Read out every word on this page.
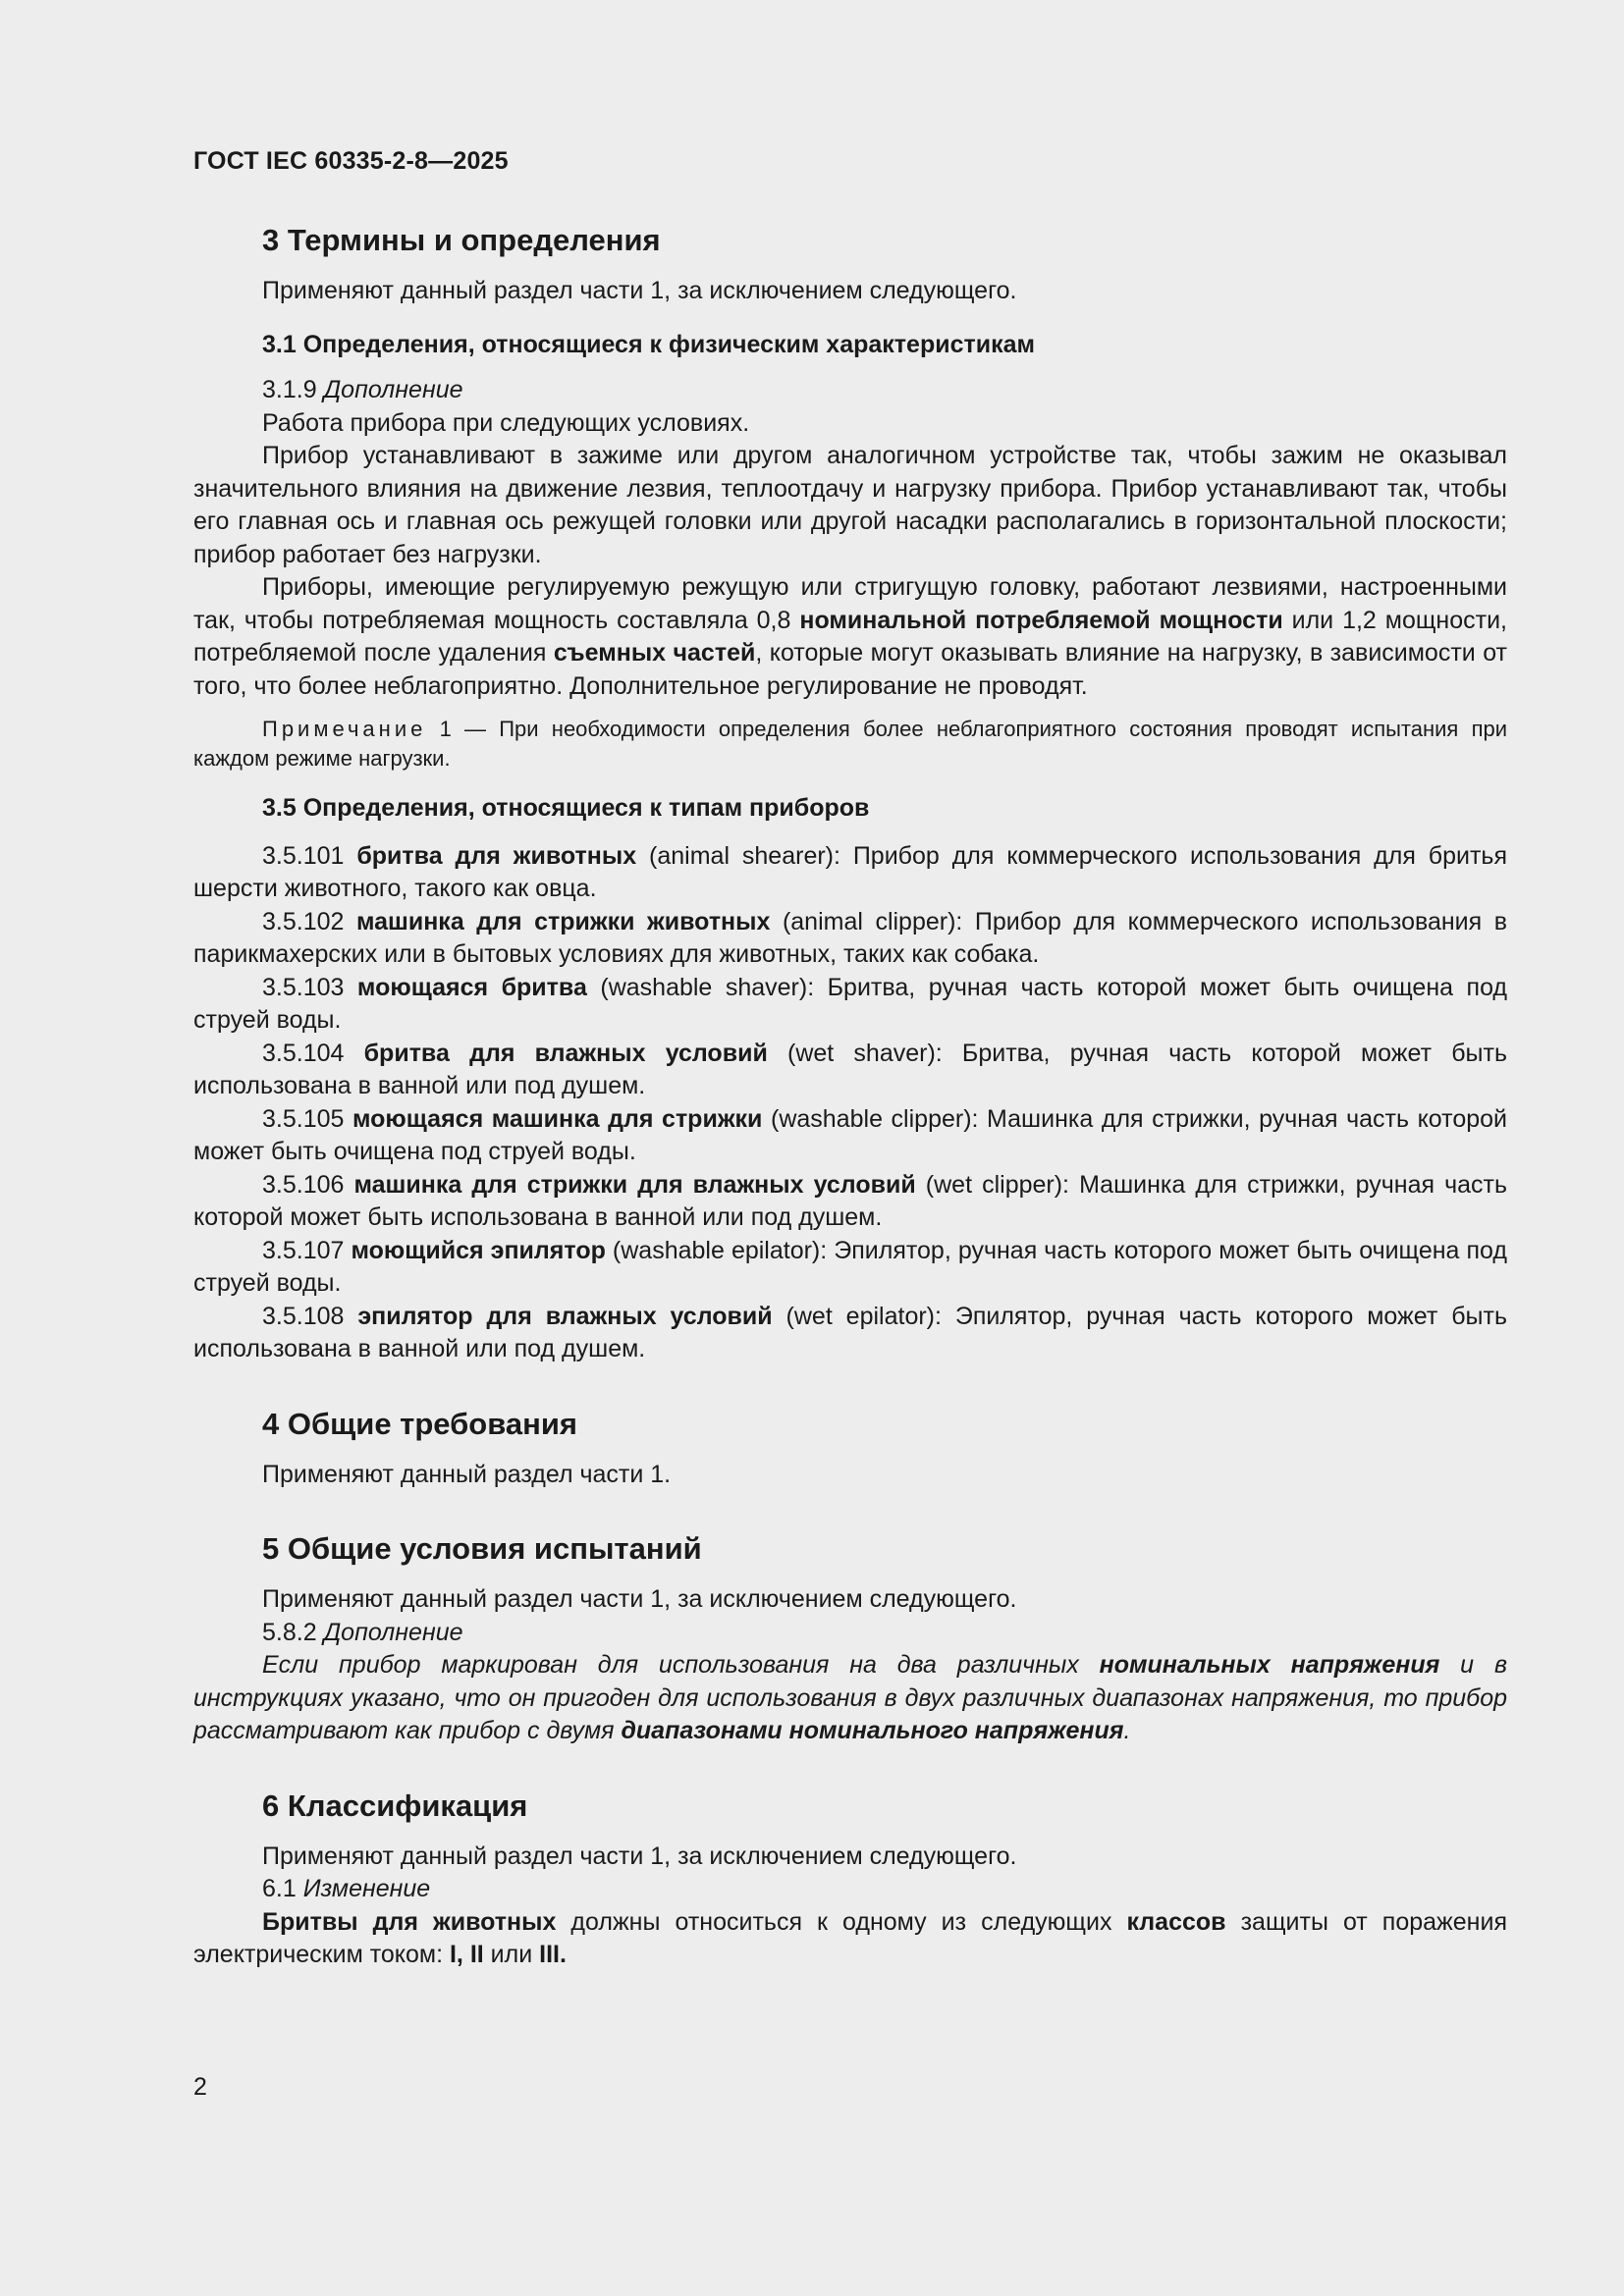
ГОСТ IEC 60335-2-8—2025
3 Термины и определения

Применяют данный раздел части 1, за исключением следующего.

3.1 Определения, относящиеся к физическим характеристикам

3.1.9 Дополнение

Работа прибора при следующих условиях.

Прибор устанавливают в зажиме или другом аналогичном устройстве так, чтобы зажим не оказывал значительного влияния на движение лезвия, теплоотдачу и нагрузку прибора. Прибор устанавливают так, чтобы его главная ось и главная ось режущей головки или другой насадки располагались в горизонтальной плоскости; прибор работает без нагрузки.

Приборы, имеющие регулируемую режущую или стригущую головку, работают лезвиями, настроенными так, чтобы потребляемая мощность составляла 0,8 номинальной потребляемой мощности или 1,2 мощности, потребляемой после удаления съемных частей, которые могут оказывать влияние на нагрузку, в зависимости от того, что более неблагоприятно. Дополнительное регулирование не проводят.

Примечание 1 — При необходимости определения более неблагоприятного состояния проводят испытания при каждом режиме нагрузки.

3.5 Определения, относящиеся к типам приборов

3.5.101 бритва для животных (animal shearer): Прибор для коммерческого использования для бритья шерсти животного, такого как овца.

3.5.102 машинка для стрижки животных (animal clipper): Прибор для коммерческого использования в парикмахерских или в бытовых условиях для животных, таких как собака.

3.5.103 моющаяся бритва (washable shaver): Бритва, ручная часть которой может быть очищена под струей воды.

3.5.104 бритва для влажных условий (wet shaver): Бритва, ручная часть которой может быть использована в ванной или под душем.

3.5.105 моющаяся машинка для стрижки (washable clipper): Машинка для стрижки, ручная часть которой может быть очищена под струей воды.

3.5.106 машинка для стрижки для влажных условий (wet clipper): Машинка для стрижки, ручная часть которой может быть использована в ванной или под душем.

3.5.107 моющийся эпилятор (washable epilator): Эпилятор, ручная часть которого может быть очищена под струей воды.

3.5.108 эпилятор для влажных условий (wet epilator): Эпилятор, ручная часть которого может быть использована в ванной или под душем.

4 Общие требования

Применяют данный раздел части 1.

5 Общие условия испытаний

Применяют данный раздел части 1, за исключением следующего.

5.8.2 Дополнение

Если прибор маркирован для использования на два различных номинальных напряжения и в инструкциях указано, что он пригоден для использования в двух различных диапазонах напряжения, то прибор рассматривают как прибор с двумя диапазонами номинального напряжения.

6 Классификация

Применяют данный раздел части 1, за исключением следующего.

6.1 Изменение

Бритвы для животных должны относиться к одному из следующих классов защиты от поражения электрическим током: I, II или III.

2
